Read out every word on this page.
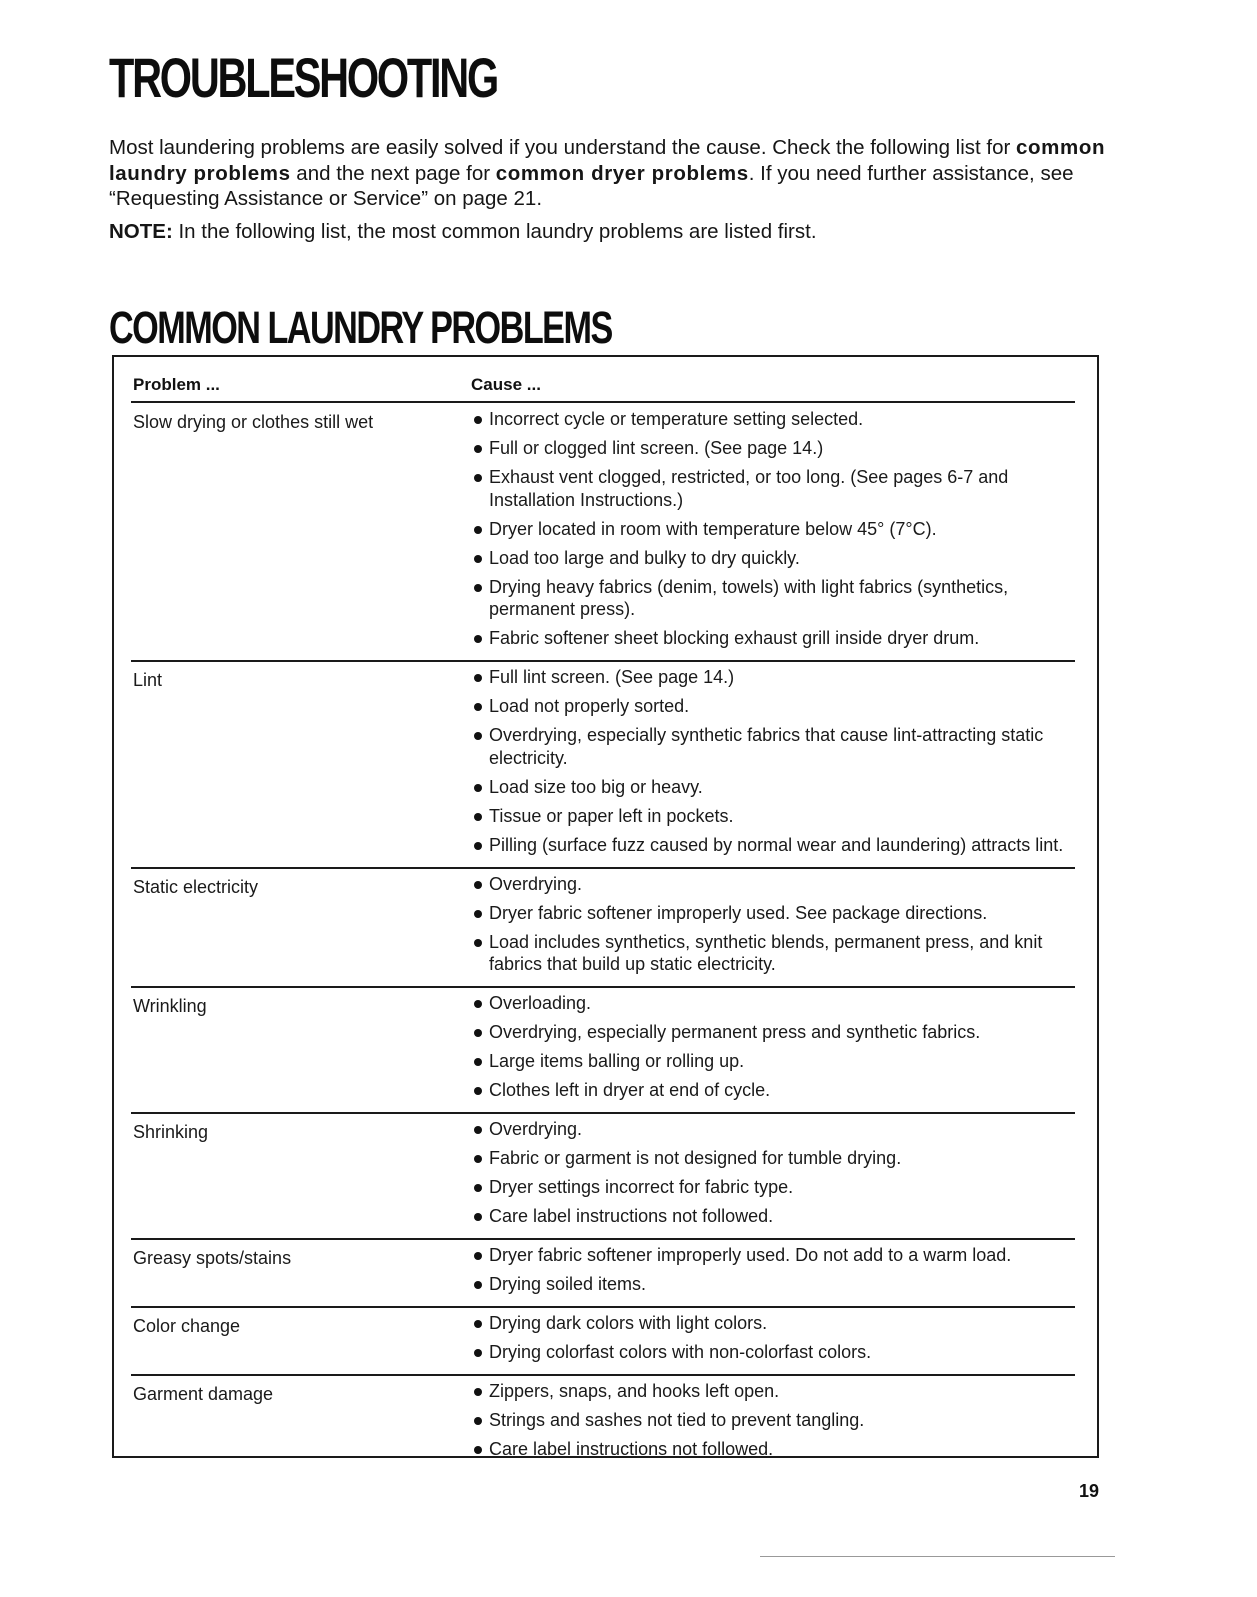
TROUBLESHOOTING

Most laundering problems are easily solved if you understand the cause. Check the following list for common laundry problems and the next page for common dryer problems. If you need further assistance, see “Requesting Assistance or Service” on page 21.

NOTE: In the following list, the most common laundry problems are listed first.

COMMON LAUNDRY PROBLEMS
Problem ...	Cause ...
Slow drying or clothes still wet	Incorrect cycle or temperature setting selected.
Full or clogged lint screen. (See page 14.)
Exhaust vent clogged, restricted, or too long. (See pages 6-7 and Installation Instructions.)
Dryer located in room with temperature below 45° (7°C).
Load too large and bulky to dry quickly.
Drying heavy fabrics (denim, towels) with light fabrics (synthetics, permanent press).
Fabric softener sheet blocking exhaust grill inside dryer drum.
Lint	Full lint screen. (See page 14.)
Load not properly sorted.
Overdrying, especially synthetic fabrics that cause lint-attracting static electricity.
Load size too big or heavy.
Tissue or paper left in pockets.
Pilling (surface fuzz caused by normal wear and laundering) attracts lint.
Static electricity	Overdrying.
Dryer fabric softener improperly used. See package directions.
Load includes synthetics, synthetic blends, permanent press, and knit fabrics that build up static electricity.
Wrinkling	Overloading.
Overdrying, especially permanent press and synthetic fabrics.
Large items balling or rolling up.
Clothes left in dryer at end of cycle.
Shrinking	Overdrying.
Fabric or garment is not designed for tumble drying.
Dryer settings incorrect for fabric type.
Care label instructions not followed.
Greasy spots/stains	Dryer fabric softener improperly used. Do not add to a warm load.
Drying soiled items.
Color change	Drying dark colors with light colors.
Drying colorfast colors with non-colorfast colors.
Garment damage	Zippers, snaps, and hooks left open.
Strings and sashes not tied to prevent tangling.
Care label instructions not followed.
19
